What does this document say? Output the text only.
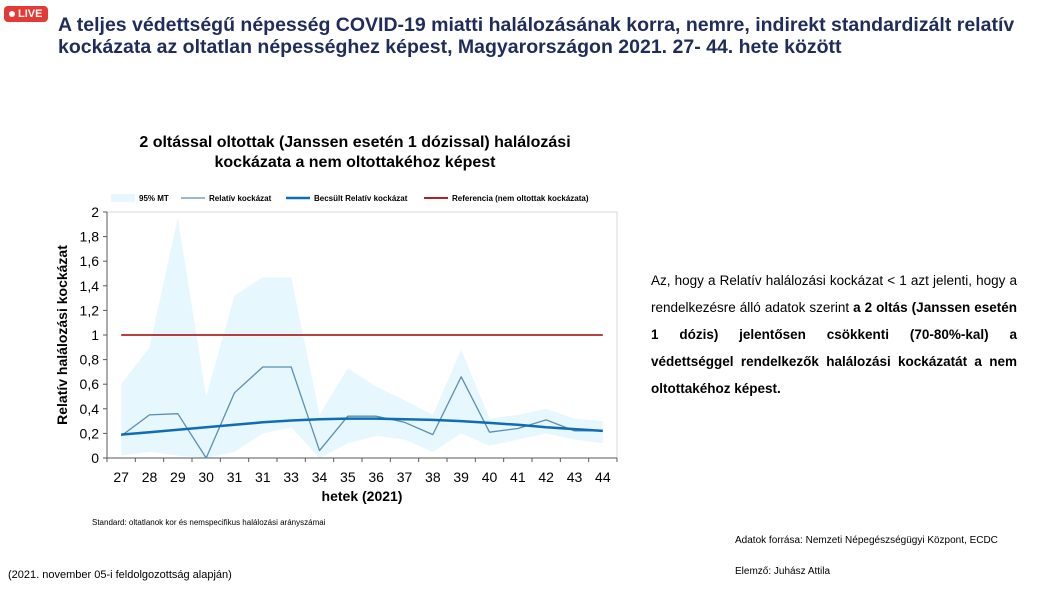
LIVE A teljes védettségű népesség COVID-19 miatti halálozásának korra, nemre, indirekt standardizált relatív kockázata az oltatlan népességhez képest, Magyarországon 2021. 27- 44. hete között
2 oltással oltottak (Janssen esetén 1 dózissal) halálozási kockázata a nem oltottakéhoz képest
0
0,2
0,4
0,6
0,8
1
1,2
1,4
1,6
1,8
2
27 28 29 30 31 31 33 34 35 36 37 38 39 40 41 42 43 44
hetek (2021)
Relatív halálozási kockázat
95% MT	Relatív kockázat	Becsült Relatív kockázat	Referencia (nem oltottak kockázata)
Az, hogy a Relatív halálozási kockázat < 1 azt jelenti, hogy a rendelkezésre álló adatok szerint a 2 oltás (Janssen esetén 1 dózis) jelentősen csökkenti (70-80%-kal) a védettséggel rendelkezők halálozási kockázatát a nem oltottakéhoz képest.
Standard: oltatlanok kor és nemspecifikus halálozási arányszámai
Adatok forrása: Nemzeti Népegészségügyi Központ, ECDC
Elemző: Juhász Attila
(2021. november 05-i feldolgozottság alapján)
